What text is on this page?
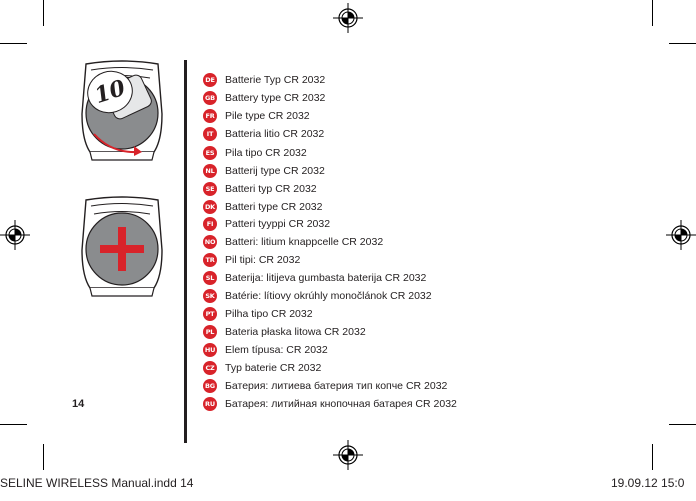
10
14
DE Batterie Typ CR 2032
GB Battery type CR 2032
FR Pile type CR 2032
IT	Batteria litio CR 2032
ES Pila tipo CR 2032
NL Batterij type CR 2032
SE Batteri typ CR 2032
DK Batteri type CR 2032
FI	Patteri tyyppi CR 2032
NO Batteri: litium knappcelle CR 2032
TR Pil tipi: CR 2032
SL Baterija: litijeva gumbasta baterija CR 2032
SK Batérie: lítiovy okrúhly monočlánok CR 2032
PT Pilha tipo CR 2032
PL Bateria płaska litowa CR 2032
HU Elem típusa: CR 2032
CZ Typ baterie CR 2032
BG Батерия: литиева батерия тип копче CR 2032
RU Батарея: литийная кнопочная батарея CR 2032
SELINE WIRELESS Manual.indd 14	19.09.12 15:0
